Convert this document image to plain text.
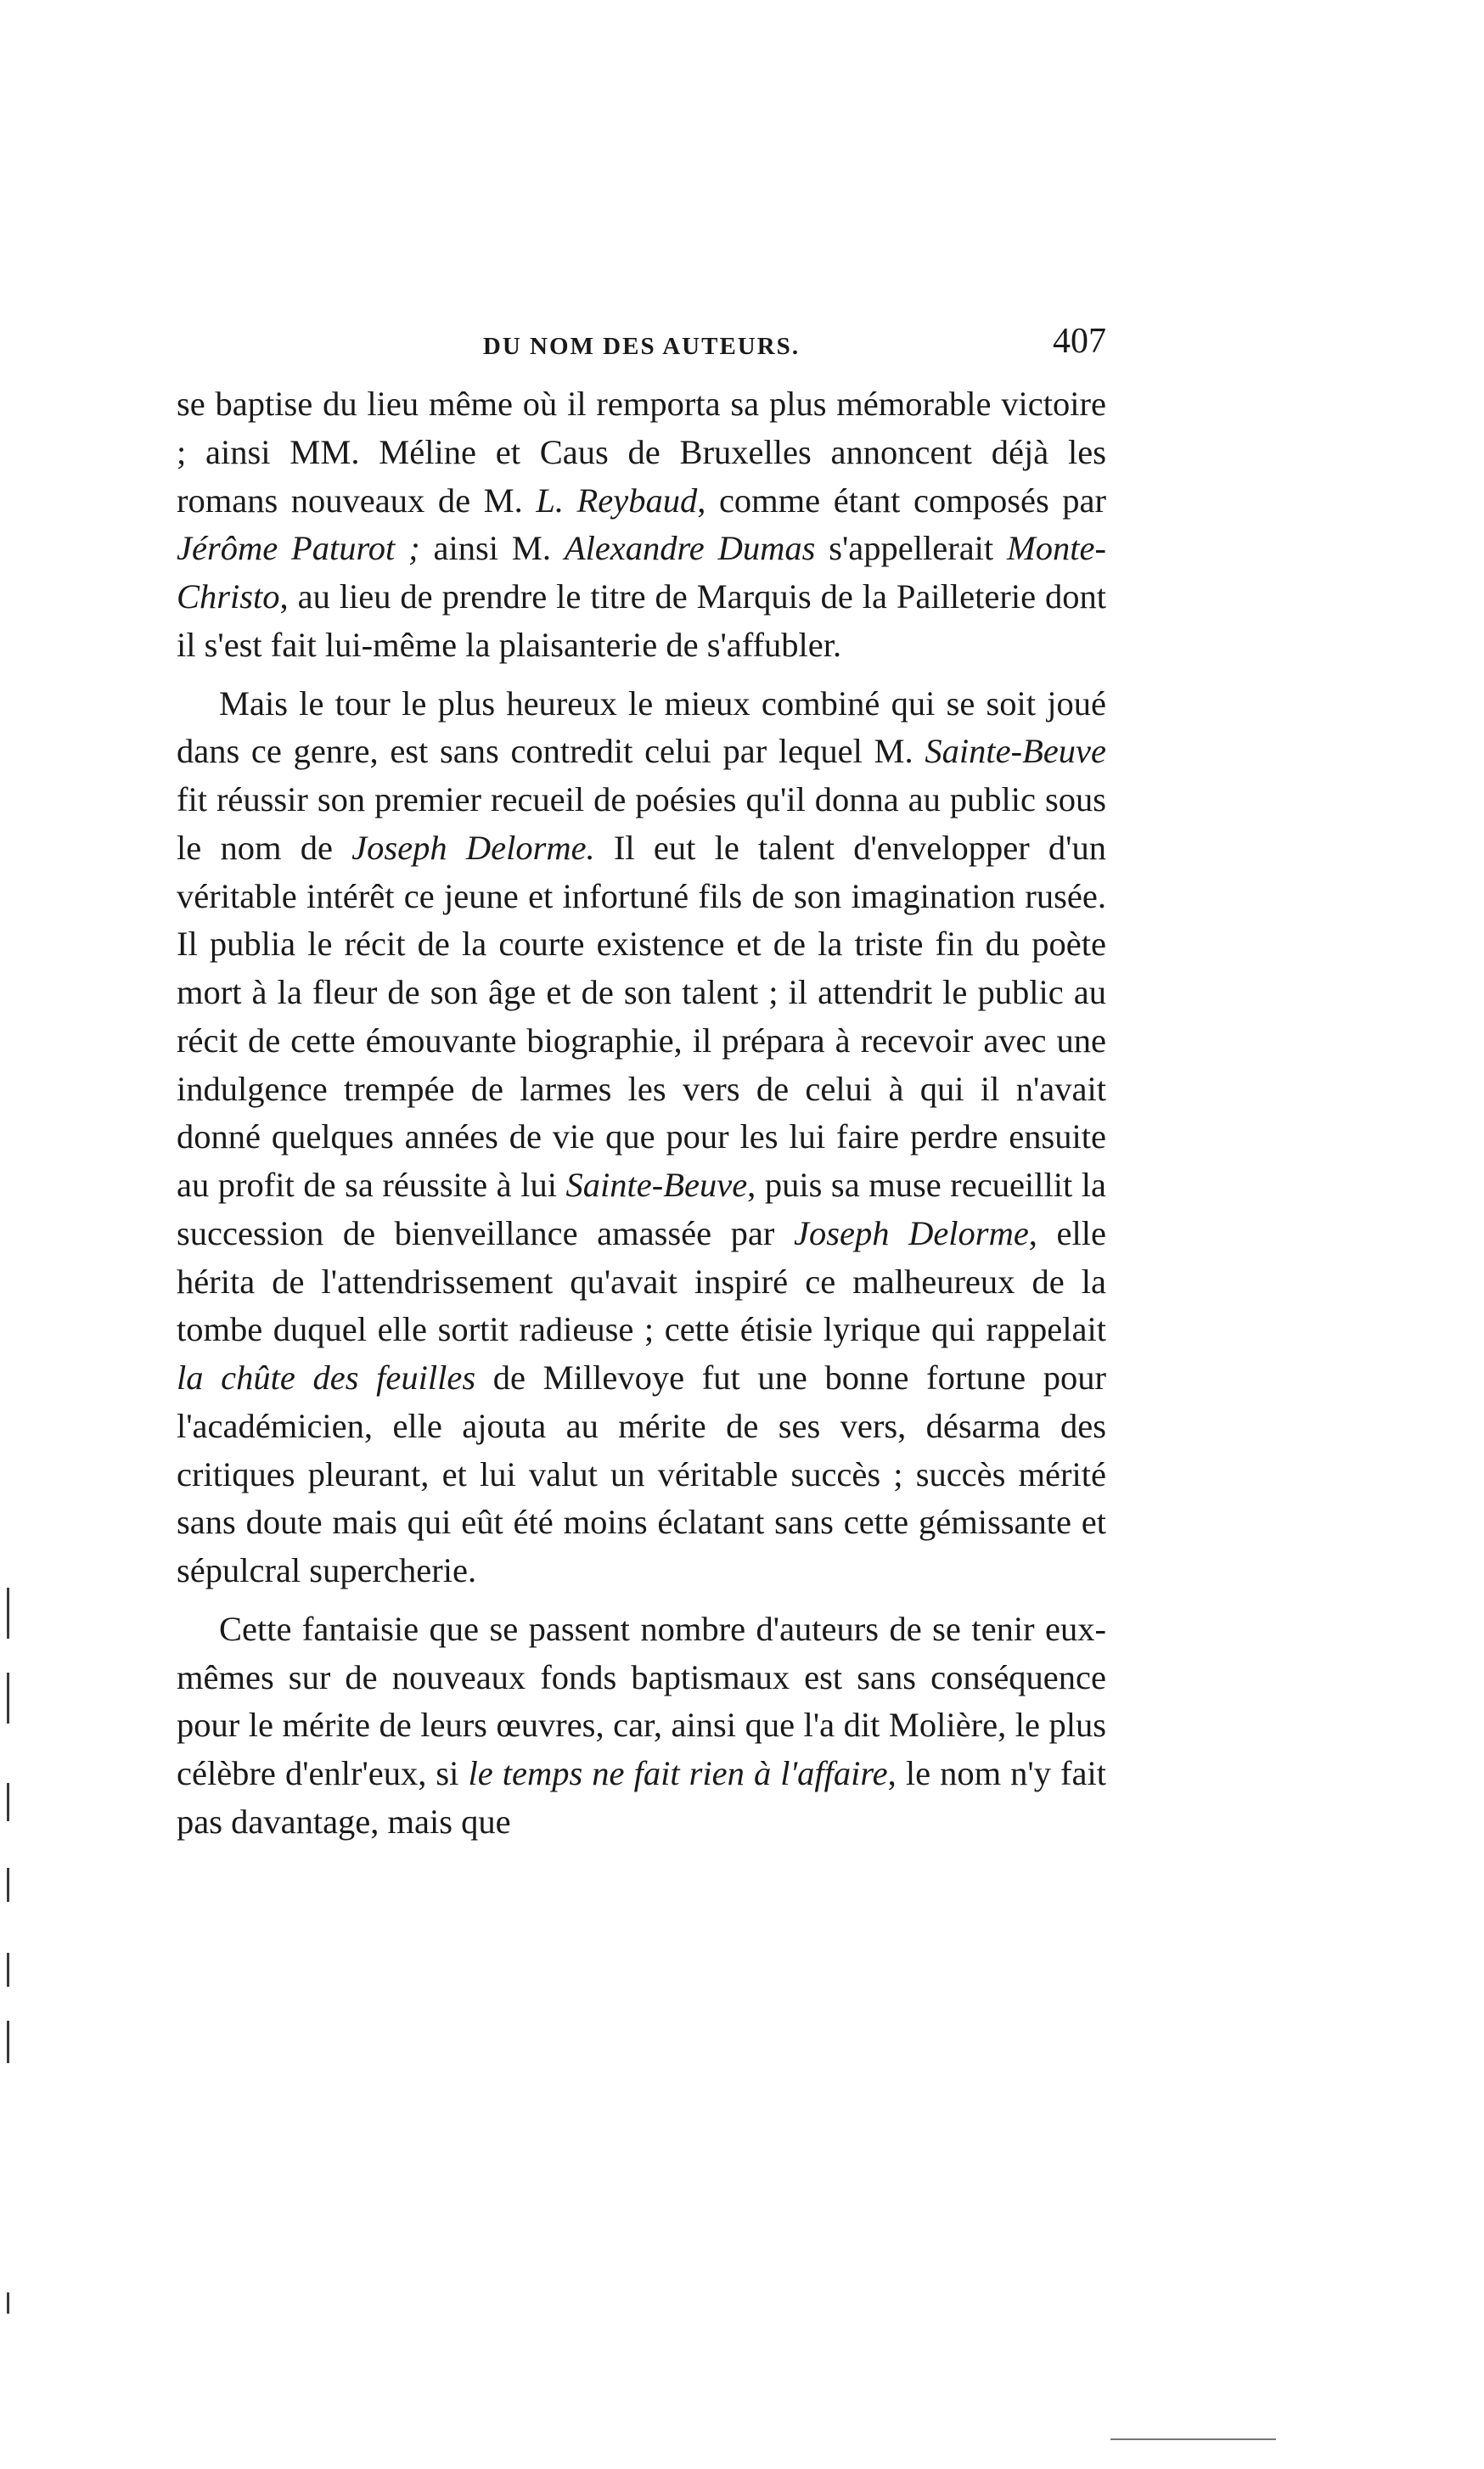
DU NOM DES AUTEURS.	407

se baptise du lieu même où il remporta sa plus mémorable victoire ; ainsi MM. Méline et Caus de Bruxelles annoncent déjà les romans nouveaux de M. L. Reybaud, comme étant composés par Jérôme Paturot ; ainsi M. Alexandre Dumas s'appellerait Monte-Christo, au lieu de prendre le titre de Marquis de la Pailleterie dont il s'est fait lui-même la plaisanterie de s'affubler.

Mais le tour le plus heureux le mieux combiné qui se soit joué dans ce genre, est sans contredit celui par lequel M. Sainte-Beuve fit réussir son premier recueil de poésies qu'il donna au public sous le nom de Joseph Delorme. Il eut le talent d'envelopper d'un véritable intérêt ce jeune et infortuné fils de son imagination rusée. Il publia le récit de la courte existence et de la triste fin du poète mort à la fleur de son âge et de son talent ; il attendrit le public au récit de cette émouvante biographie, il prépara à recevoir avec une indulgence trempée de larmes les vers de celui à qui il n'avait donné quelques années de vie que pour les lui faire perdre ensuite au profit de sa réussite à lui Sainte-Beuve, puis sa muse recueillit la succession de bienveillance amassée par Joseph Delorme, elle hérita de l'attendrissement qu'avait inspiré ce malheureux de la tombe duquel elle sortit radieuse ; cette étisie lyrique qui rappelait la chûte des feuilles de Millevoye fut une bonne fortune pour l'académicien, elle ajouta au mérite de ses vers, désarma des critiques pleurant, et lui valut un véritable succès ; succès mérité sans doute mais qui eût été moins éclatant sans cette gémissante et sépulcral supercherie.

Cette fantaisie que se passent nombre d'auteurs de se tenir eux-mêmes sur de nouveaux fonds baptismaux est sans conséquence pour le mérite de leurs œuvres, car, ainsi que l'a dit Molière, le plus célèbre d'enlr'eux, si le temps ne fait rien à l'affaire, le nom n'y fait pas davantage, mais que
